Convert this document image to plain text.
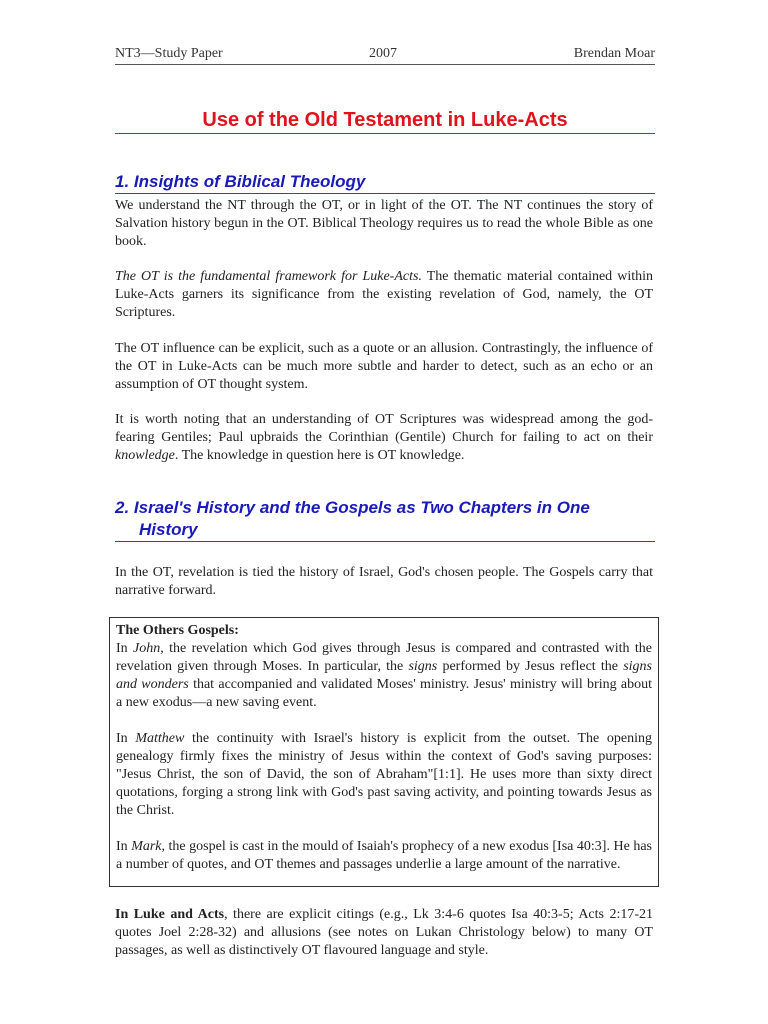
NT3—Study Paper	2007	Brendan Moar
Use of the Old Testament in Luke-Acts
1. Insights of Biblical Theology

We understand the NT through the OT, or in light of the OT. The NT continues the story of Salvation history begun in the OT. Biblical Theology requires us to read the whole Bible as one book.

The OT is the fundamental framework for Luke-Acts. The thematic material contained within Luke-Acts garners its significance from the existing revelation of God, namely, the OT Scriptures.

The OT influence can be explicit, such as a quote or an allusion. Contrastingly, the influence of the OT in Luke-Acts can be much more subtle and harder to detect, such as an echo or an assumption of OT thought system.

It is worth noting that an understanding of OT Scriptures was widespread among the god-fearing Gentiles; Paul upbraids the Corinthian (Gentile) Church for failing to act on their knowledge. The knowledge in question here is OT knowledge.

2. Israel's History and the Gospels as Two Chapters in One
History

In the OT, revelation is tied the history of Israel, God's chosen people. The Gospels carry that narrative forward.

The Others Gospels:

In John, the revelation which God gives through Jesus is compared and contrasted with the revelation given through Moses. In particular, the signs performed by Jesus reflect the signs and wonders that accompanied and validated Moses' ministry. Jesus' ministry will bring about a new exodus—a new saving event.

In Matthew the continuity with Israel's history is explicit from the outset. The opening genealogy firmly fixes the ministry of Jesus within the context of God's saving purposes: "Jesus Christ, the son of David, the son of Abraham"[1:1]. He uses more than sixty direct quotations, forging a strong link with God's past saving activity, and pointing towards Jesus as the Christ.

In Mark, the gospel is cast in the mould of Isaiah's prophecy of a new exodus [Isa 40:3]. He has a number of quotes, and OT themes and passages underlie a large amount of the narrative.

In Luke and Acts, there are explicit citings (e.g., Lk 3:4-6 quotes Isa 40:3-5; Acts 2:17-21 quotes Joel 2:28-32) and allusions (see notes on Lukan Christology below) to many OT passages, as well as distinctively OT flavoured language and style.
